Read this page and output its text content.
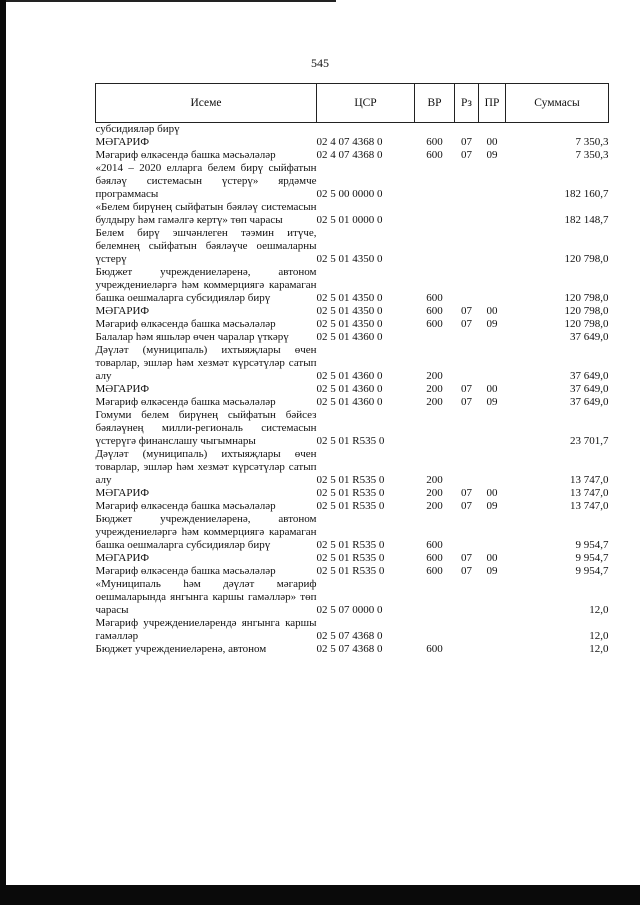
545
Исеме	ЦСР	ВР	Рз	ПР	Суммасы
субсидияләр бирү					
МӘГАРИФ	02 4 07 4368 0	600	07	00	7 350,3
Мәгариф өлкәсендә башка мәсьәләләр	02 4 07 4368 0	600	07	09	7 350,3
«2014 – 2020 елларга белем бирү сыйфатын бәяләү системасын үстерү» ярдәмче программасы	02 5 00 0000 0				182 160,7
«Белем бирүнең сыйфатын бәяләү системасын булдыру һәм гамәлгә кертү» төп чарасы	02 5 01 0000 0				182 148,7
Белем бирү эшчәнлеген тәэмин итүче, белемнең сыйфатын бәяләүче оешмаларны үстерү	02 5 01 4350 0				120 798,0
Бюджет учреждениеләренә, автоном учреждениеләргә һәм коммерциягә карамаган башка оешмаларга субсидияләр бирү	02 5 01 4350 0	600			120 798,0
МӘГАРИФ	02 5 01 4350 0	600	07	00	120 798,0
Мәгариф өлкәсендә башка мәсьәләләр	02 5 01 4350 0	600	07	09	120 798,0
Балалар һәм яшьләр өчен чаралар үткәрү	02 5 01 4360 0				37 649,0
Дәүләт (муниципаль) ихтыяҗлары өчен товарлар, эшләр һәм хезмәт күрсәтүләр сатып алу	02 5 01 4360 0	200			37 649,0
МӘГАРИФ	02 5 01 4360 0	200	07	00	37 649,0
Мәгариф өлкәсендә башка мәсьәләләр	02 5 01 4360 0	200	07	09	37 649,0
Гомуми белем бирүнең сыйфатын бәйсез бәяләүнең милли-региональ системасын үстерүгә финанслашу чыгымнары	02 5 01 R535 0				23 701,7
Дәүләт (муниципаль) ихтыяҗлары өчен товарлар, эшләр һәм хезмәт күрсәтүләр сатып алу	02 5 01 R535 0	200			13 747,0
МӘГАРИФ	02 5 01 R535 0	200	07	00	13 747,0
Мәгариф өлкәсендә башка мәсьәләләр	02 5 01 R535 0	200	07	09	13 747,0
Бюджет учреждениеләренә, автоном учреждениеләргә һәм коммерциягә карамаган башка оешмаларга субсидияләр бирү	02 5 01 R535 0	600			9 954,7
МӘГАРИФ	02 5 01 R535 0	600	07	00	9 954,7
Мәгариф өлкәсендә башка мәсьәләләр	02 5 01 R535 0	600	07	09	9 954,7
«Муниципаль һәм дәүләт мәгариф оешмаларында янгынга каршы гамәлләр» төп чарасы	02 5 07 0000 0				12,0
Мәгариф учреждениеләрендә янгынга каршы гамәлләр	02 5 07 4368 0				12,0
Бюджет учреждениеләренә, автоном	02 5 07 4368 0	600			12,0
